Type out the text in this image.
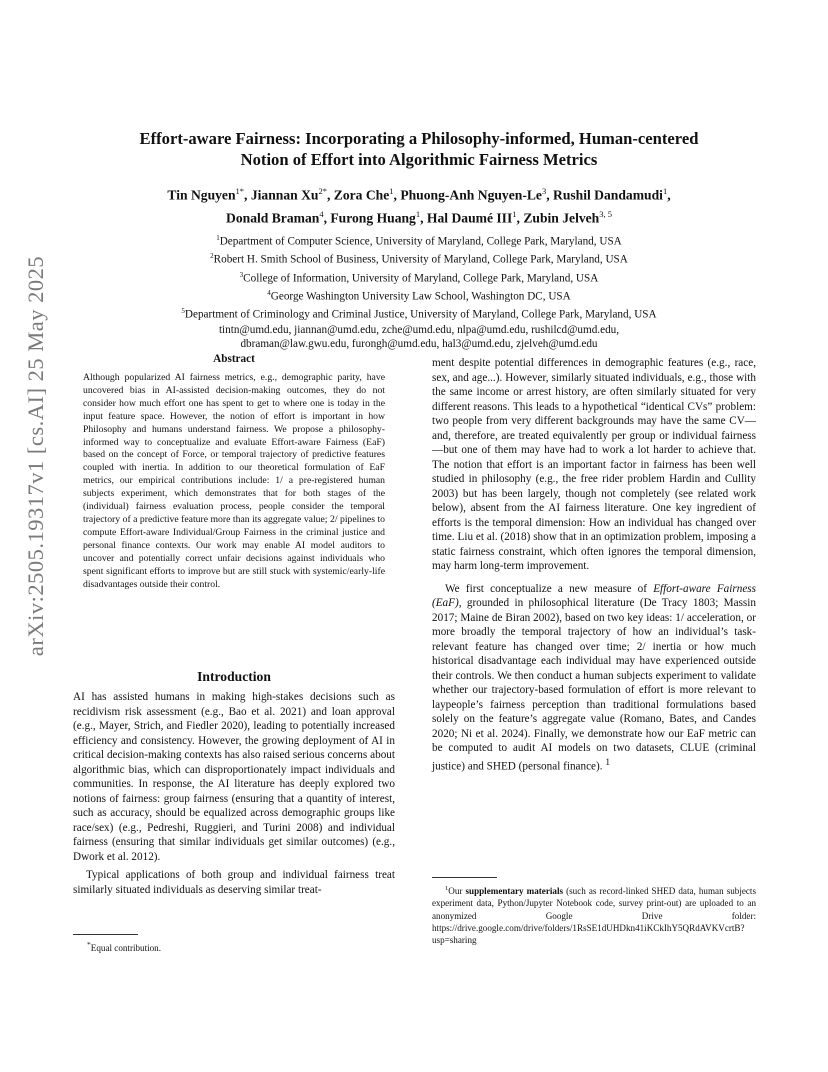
arXiv:2505.19317v1 [cs.AI] 25 May 2025
Effort-aware Fairness: Incorporating a Philosophy-informed, Human-centered
Notion of Effort into Algorithmic Fairness Metrics
Tin Nguyen$^{1*}$, Jiannan $Xu^{2*}$, Zora Che$^1$, Phuong-Anh Nguyen-Le$^3$, Rushil Dandamudi$^1$,
Donald Braman$^4$, Furong Huang$^1$, Hal Daumé III$^1$, Zubin Jelveh$^{3, 5}$
$^1$Department of Computer Science, University of Maryland, College Park, Maryland, USA
$^2$Robert H. Smith School of Business, University of Maryland, College Park, Maryland, USA
$^3$College of Information, University of Maryland, College Park, Maryland, USA
$^4$George Washington University Law School, Washington DC, USA
$^5$Department of Criminology and Criminal Justice, University of Maryland, College Park, Maryland, USA
tintn@umd.edu, jiannan@umd.edu, zche@umd.edu, nlpa@umd.edu, rushilcd@umd.edu,
dbraman@law.gwu.edu, furongh@umd.edu, hal3@umd.edu, zjelveh@umd.edu
Abstract

Although popularized AI fairness metrics, e.g., demographic parity, have uncovered bias in AI-assisted decision-making outcomes, they do not consider how much effort one has spent to get to where one is today in the input feature space. However, the notion of effort is important in how Philosophy and humans understand fairness. We propose a philosophy-informed way to conceptualize and evaluate Effort-aware Fairness (EaF) based on the concept of Force, or temporal trajectory of predictive features coupled with inertia. In addition to our theoretical formulation of EaF metrics, our empirical contributions include: 1/ a pre-registered human subjects experiment, which demonstrates that for both stages of the (individual) fairness evaluation process, people consider the temporal trajectory of a predictive feature more than its aggregate value; 2/ pipelines to compute Effort-aware Individual/Group Fairness in the criminal justice and personal finance contexts. Our work may enable AI model auditors to uncover and potentially correct unfair decisions against individuals who spent significant efforts to improve but are still stuck with systemic/early-life disadvantages outside their control.

Introduction

AI has assisted humans in making high-stakes decisions such as recidivism risk assessment (e.g., Bao et al. 2021) and loan approval (e.g., Mayer, Strich, and Fiedler 2020), leading to potentially increased efficiency and consistency. However, the growing deployment of AI in critical decision-making contexts has also raised serious concerns about algorithmic bias, which can disproportionately impact individuals and communities. In response, the AI literature has deeply explored two notions of fairness: group fairness (ensuring that a quantity of interest, such as accuracy, should be equalized across demographic groups like race/sex) (e.g., Pedreshi, Ruggieri, and Turini 2008) and individual fairness (ensuring that similar individuals get similar outcomes) (e.g., Dwork et al. 2012).

Typical applications of both group and individual fairness treat similarly situated individuals as deserving similar treat-

*Equal contribution.

ment despite potential differences in demographic features (e.g., race, sex, and age...). However, similarly situated individuals, e.g., those with the same income or arrest history, are often similarly situated for very different reasons. This leads to a hypothetical “identical CVs” problem: two people from very different backgrounds may have the same CV—and, therefore, are treated equivalently per group or individual fairness—but one of them may have had to work a lot harder to achieve that. The notion that effort is an important factor in fairness has been well studied in philosophy (e.g., the free rider problem Hardin and Cullity 2003) but has been largely, though not completely (see related work below), absent from the AI fairness literature. One key ingredient of efforts is the temporal dimension: How an individual has changed over time. Liu et al. (2018) show that in an optimization problem, imposing a static fairness constraint, which often ignores the temporal dimension, may harm long-term improvement.

We first conceptualize a new measure of Effort-aware Fairness (EaF), grounded in philosophical literature (De Tracy 1803; Massin 2017; Maine de Biran 2002), based on two key ideas: 1/ acceleration, or more broadly the temporal trajectory of how an individual’s task-relevant feature has changed over time; 2/ inertia or how much historical disadvantage each individual may have experienced outside their controls. We then conduct a human subjects experiment to validate whether our trajectory-based formulation of effort is more relevant to laypeople’s fairness perception than traditional formulations based solely on the feature’s aggregate value (Romano, Bates, and Candes 2020; Ni et al. 2024). Finally, we demonstrate how our EaF metric can be computed to audit AI models on two datasets, CLUE (criminal justice) and SHED (personal finance). $^1$

$^1$Our supplementary materials (such as record-linked SHED data, human subjects experiment data, Python/Jupyter Notebook code, survey print-out) are uploaded to an anonymized Google Drive folder: https://drive.google.com/drive/folders/1RsSE1dUHDkn41iKCkIhY5QRdAVKVcrtB?usp=sharing
